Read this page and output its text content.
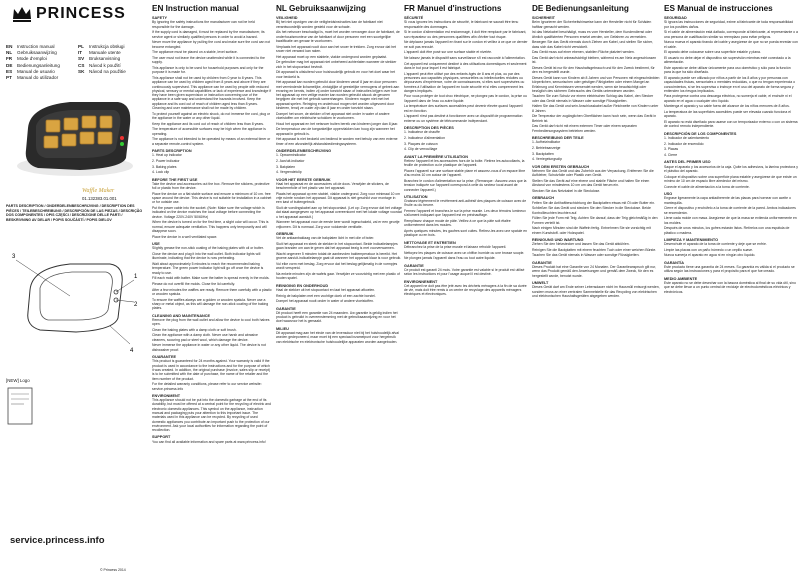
PRINCESS
EN	Instruction manual
NL	Gebruiksaanwijzing
FR	Mode d'emploi
DE	Bedienungsanleitung
ES	Manual de usuario
PT	Manual do utilizador
PL	Instrukcja obsługi
IT	Manuale utente
SV	Bruksanvisning
CS	Návod k použití
SK	Návod na použitie
Waffle Maker
01.132383.01.001
PARTS DESCRIPTION / ONDERDELENBESCHRIJVING / DESCRIPTION DES PIÈCES / TEILEBESCHREIBUNG / DESCRIPCIÓN DE LAS PIEZAS / DESCRIÇÃO DOS COMPONENTES / OPIS CZĘŚCI / DESCRIZIONE DELLE PARTI / BESKRIVNING AV DELAR / POPIS SOUČÁSTÍ / POPIS DIELOV
1
2
3
4
[NEW] Logo
service.princess.info
© Princess 2014
EN Instruction manual
SAFETY

By ignoring the safety instructions the manufacturer can not be held responsible for the damage.

If the supply cord is damaged, it must be replaced by the manufacturer, its service agent or similarly qualified persons in order to avoid a hazard.

Never move the appliance by pulling the cord and make sure the cord can not become entangled.

The appliance must be placed on a stable, level surface.

The user must not leave the device unattended while it is connected to the supply.

This appliance is only to be used for household purposes and only for the purpose it is made for.

This appliance shall not be used by children from 0 year to 8 years. This appliance can be used by children aged from 8 years and above if they are continuously supervised. This appliance can be used by people with reduced physical, sensory or mental capabilities or lack of experience and knowledge if they have been given supervision or instruction concerning use of the appliance in a safe way and understand the hazards involved. Keep the appliance and its cord out of reach of children aged less than 8 years. Cleaning and user maintenance shall not be made by children.

To protect yourself against an electric shock, do not immerse the cord, plug or the appliance in the water or any other liquid.

Keep the appliance and its cord out of reach of children less than 8 years.

The temperature of accessible surfaces may be high when the appliance is operating.

The appliance is not intended to be operated by means of an external timer or a separate remote-control system.

PARTS DESCRIPTION

1. Heat up indicator

2. Power indicator

3. Baking plates

4. Lock clip

BEFORE THE FIRST USE

Take the device and accessories out the box. Remove the stickers, protective foil or plastic from the device.

Place the device on a flat stable surface and ensure a minimum of 10 cm. free space around the device. This device is not suitable for installation in a cabinet or for outside use.

Put the power cable into the socket. (Note: Make sure the voltage which is indicated on the device matches the local voltage before connecting the device. Voltage 220V-240V 50/60Hz)

When the device is turned on for the first time, a slight odor will occur. This is normal, ensure adequate ventilation. This happens only temporarily and will disappear soon.

Place the device in a well ventilated space.

USE

Slightly grease the non-stick coating of the baking plates with oil or butter.

Close the device and plug it into the wall outlet. Both indicator lights will illuminate, indicating that the device is now preheating.

Wait about approximately 5 minutes to reach the recommended baking temperature. The green power indicator light will go off once the device is ready to use.

Fill each mold with batter. Make sure the batter is spread evenly in the molds.

Please do not overfill the molds. Close the lid carefully.

After a few minutes the waffles are ready. Remove them carefully with a plastic or wooden spatula.

To ensure the waffles always are a golden or wooden spatula. Never use a sharp or metal object, as this will damage the non-stick coating of the baking plates.

CLEANING AND MAINTENANCE

Remove the plug from the wall outlet and allow the device to cool both halves open.

Clean the baking plates with a damp cloth or soft brush.

Clean the appliance with a damp cloth. Never use harsh and abrasive cleaners, scouring pad or steel wool, which damage the device.

Never immerse the appliance in water or any other liquid. The device is not dishwasher proof.

GUARANTEE

This product is guaranteed for 24 months against. Your warranty is valid if the product is used in accordance to the instructions and for the purpose of which it was created. In addition, the original purchase (invoice, sales slip or receipt) is to be submitted with the date of purchase, the name of the retailer and the item number of the product.

For the detailed warranty conditions, please refer to our service website: service.princess.info

ENVIRONMENT

This appliance should not be put into the domestic garbage at the end of its durability, but must be offered at a central point for the recycling of electric and electronic domestic appliances. This symbol on the appliance, instruction manual and packaging puts your attention to this important issue. The materials used in this appliance can be recycled. By recycling of used domestic appliances you contribute an important push to the protection of our environment. Ask your local authorities for information regarding the point of recollection.

SUPPORT

You can find all available information and spare parts at www.princess.info!

NL Gebruiksaanwijzing
VEILIGHEID

Bij het niet opvolgen van de veiligheidsinstructies kan de fabrikant niet verantwoordelijk worden gesteld voor de schade.

Als het netsnoer beschadigd is, moet het worden vervangen door de fabrikant, de onderhoudsmonteur van de fabrikant of door personen met een soortgelijke kwalificatie om gevaar te voorkomen.

Verplaats het apparaat nooit door aan het snoer te trekken. Zorg ervoor dat het snoer niet verward kan raken.

Het apparaat moet op een stabiele, vlakke ondergrond worden geplaatst.

De gebruiker mag het apparaat niet onbeheerd achterlaten wanneer de stekker zich in het stopcontact bevindt.

Dit apparaat is uitsluitend voor huishoudelijk gebruik en voor het doel waar het voor bedoeld is.

Het apparaat kan worden gebruikt door kinderen vanaf 8 jaar en door personen met verminderde lichamelijke, zintuiglijke of geestelijke vermogens of gebrek aan ervaring en kennis, indien zij onder toezicht staan of instructies krijgen over hoe het apparaat op een veilige manier kan worden gebruikt alsook de gevaren begrijpen die met het gebruik samenhangen. Kinderen mogen niet met het apparaat spelen. Reiniging en onderhoud mogen niet worden uitgevoerd door kinderen, tenzij ze ouder zijn dan 8 jaar en onder toezicht staan.

Dompel het snoer, de stekker of het apparaat niet onder in water of andere vloeistoffen om elektrische schokken te voorkomen.

Houd het apparaat en het netsnoer buiten bereik van kinderen jonger dan 8 jaar.

De temperatuur van de toegankelijke oppervlakken kan hoog zijn wanneer het apparaat in gebruik is.

Het apparaat is niet bedoeld om bediend te worden met behulp van een externe timer of een afzonderlijk afstandsbedieningssysteem.

ONDERDELENBESCHRIJVING

1. Opwarmindicator

2. Aan/uit-indicator

3. Bakplaten

4. Vergrendelclip

VOOR HET EERSTE GEBRUIK

Haal het apparaat en de accessoires uit de doos. Verwijder de stickers, de beschermfolie of het plastic van het apparaat.

Plaats het apparaat op een stabiel, vlakke ondergrond. Zorg voor minimaal 10 cm vrije ruimte rondom het apparaat. Dit apparaat is niet geschikt voor montage in een kast of buitengebruik.

Sluit de voedingskabel aan op het stopcontact. (Let op: Zorg ervoor dat het voltage dat staat aangegeven op het apparaat overeenkomt met het lokale voltage voordat u het apparaat aansluit.)

Wanneer het apparaat voor de eerste keer wordt ingeschakeld, zal er een geurtje vrijkomen. Dit is normaal. Zorg voor voldoende ventilatie.

GEBRUIK

Vet de antiaanbaklaag van de bakplaten licht in met olie of boter.

Sluit het apparaat en steek de stekker in het stopcontact. Beide indicatielampjes gaan branden om aan te geven dat het apparaat bezig is met voorverwarmen.

Wacht ongeveer 5 minuten totdat de aanbevolen baktemperatuur is bereikt. Het groene aan/uit-indicatielampje gaat uit wanneer het apparaat klaar is voor gebruik.

Vul elke vorm met beslag. Zorg ervoor dat het beslag gelijkmatig in de vormpjes wordt verspreid.

Na enkele minuten zijn de wafels gaar. Verwijder ze voorzichtig met een plastic of houten spatel.

REINIGING EN ONDERHOUD

Haal de stekker uit het stopcontact en laat het apparaat afkoelen.

Reinig de bakplaten met een vochtige doek of een zachte borstel.

Dompel het apparaat nooit onder in water of andere vloeistoffen.

GARANTIE

Dit product heeft een garantie van 24 maanden. Uw garantie is geldig indien het product is gebruikt in overeenstemming met de gebruiksaanwijzing en voor het doel waarvoor het is gemaakt.

MILIEU

Dit apparaat mag aan het einde van de levensduur niet bij het huishoudelijk afval worden gedeponeerd, maar moet bij een speciaal inzamelpunt voor hergebruik van elektrische en elektronische huishoudelijke apparaten worden aangeboden.

FR Manuel d'instructions
SÉCURITÉ

Si vous ignorez les instructions de sécurité, le fabricant ne saurait être tenu responsable des dommages.

Si le cordon d'alimentation est endommagé, il doit être remplacé par le fabricant, son réparateur ou des personnes qualifiées afin d'éviter tout risque.

Ne déplacez jamais l'appareil en tirant sur le cordon et veillez à ce que ce dernier ne soit pas enroulé.

L'appareil doit être posé sur une surface stable et nivelée.

Ne laissez jamais le dispositif sans surveillance s'il est raccordé à l'alimentation.

Cet appareil est uniquement destiné à des utilisations domestiques et seulement dans le but pour lequel il est fabriqué.

L'appareil peut être utilisé par des enfants âgés de 8 ans et plus, ou par des personnes aux capacités physiques, sensorielles ou intellectuelles réduites ou dépourvues d'expérience, votre de connaissances, si elles sont supervisées ou formées à l'utilisation de l'appareil en toute sécurité et si elles comprennent les dangers impliqués.

Pour vous protéger de tout choc électrique, ne plongez pas le cordon, la prise ou l'appareil dans de l'eau ou autre liquide.

La température des surfaces accessibles peut devenir élevée quand l'appareil est en fonction.

L'appareil n'est pas destiné à fonctionner avec un dispositif de programmation externe ou un système de télécommande indépendant.

DESCRIPTION DES PIÈCES

1. Indicateur de chauffe

2. Indicateur d'alimentation

3. Plaques de cuisson

4. Clip de verrouillage

AVANT LA PREMIÈRE UTILISATION

Retirez l'appareil et les accessoires hors de la boîte. Retirez les autocollants, la feuille de protection ou le plastique de l'appareil.

Placez l'appareil sur une surface stable plane et assurez-vous d'un espace libre d'au moins 10 cm autour de l'appareil.

Branchez le cordon d'alimentation sur la prise. (Remarque : Assurez-vous que la tension indiquée sur l'appareil correspond à celle du secteur local avant de connecter l'appareil.)

UTILISATION

Graissez légèrement le revêtement anti-adhésif des plaques de cuisson avec de l'huile ou du beurre.

Fermez l'appareil et branchez-le sur la prise murale. Les deux témoins lumineux s'allument indiquant que l'appareil est en préchauffage.

Remplissez chaque moule de pâte. Veillez à ce que la pâte soit étalée uniformément dans les moules.

Après quelques minutes, les gaufres sont cuites. Retirez-les avec une spatule en plastique ou en bois.

NETTOYAGE ET ENTRETIEN

Débranchez la prise de la prise murale et laissez refroidir l'appareil.

Nettoyez les plaques de cuisson avec un chiffon humide ou une brosse souple.

Ne plongez jamais l'appareil dans l'eau ou tout autre liquide.

GARANTIE

Ce produit est garanti 24 mois. Votre garantie est valable si le produit est utilisé selon les instructions et pour l'usage auquel il est destiné.

ENVIRONNEMENT

Cet appareil ne doit pas être jeté avec les déchets ménagers à la fin de sa durée de vie, mais doit être remis à un centre de recyclage des appareils ménagers électriques et électroniques.

DE Bedienungsanleitung
SICHERHEIT

Beim Ignorieren der Sicherheitshinweise kann der Hersteller nicht für Schäden haftbar gemacht werden.

Ist das Netzkabel beschädigt, muss es vom Hersteller, dem Kundendienst oder ähnlich qualifizierten Personen ersetzt werden, um Gefahren zu vermeiden.

Bewegen Sie das Gerät niemals durch Ziehen am Kabel, und stellen Sie sicher, dass sich das Kabel nicht verwickelt.

Das Gerät muss auf einer ebenen, stabilen Fläche platziert werden.

Das Gerät darf nicht unbeaufsichtigt bleiben, während es am Netz angeschlossen ist.

Dieses Gerät ist nur für den Haushaltsgebrauch und für den Zweck bestimmt, für den es hergestellt wurde.

Dieses Gerät kann von Kindern ab 8 Jahren und von Personen mit eingeschränkten körperlichen, sensorischen oder geistigen Fähigkeiten oder einem Mangel an Erfahrung und Kenntnissen verwendet werden, wenn sie beaufsichtigt oder bezüglich des sicheren Gebrauchs des Geräts unterwiesen wurden.

Tauchen Sie zum Schutz vor einem elektrischen Schlag das Kabel, den Stecker oder das Gerät niemals in Wasser oder sonstige Flüssigkeiten.

Halten Sie das Gerät und sein Anschlusskabel außer Reichweite von Kindern unter 8 Jahren.

Die Temperatur der zugänglichen Oberflächen kann hoch sein, wenn das Gerät in Betrieb ist.

Das Gerät darf nicht mit einem externen Timer oder einem separaten Fernbedienungssystem betrieben werden.

BESCHREIBUNG DER TEILE

1. Aufheizindikator

2. Betriebsanzeige

3. Backplatten

4. Verriegelungsclip

VOR DEM ERSTEN GEBRAUCH

Nehmen Sie das Gerät und das Zubehör aus der Verpackung. Entfernen Sie die Aufkleber, Schutzfolie oder Plastik vom Gerät.

Stellen Sie das Gerät auf eine ebene und stabile Fläche und halten Sie einen Abstand von mindestens 10 cm um das Gerät herum ein.

Stecken Sie das Netzkabel in die Steckdose.

GEBRAUCH

Fetten Sie die Antihaftbeschichtung der Backplatten etwas mit Öl oder Butter ein.

Schließen Sie das Gerät und stecken Sie den Stecker in die Steckdose. Beide Kontrollleuchten leuchten auf.

Füllen Sie jede Form mit Teig. Achten Sie darauf, dass der Teig gleichmäßig in den Formen verteilt ist.

Nach einigen Minuten sind die Waffeln fertig. Entnehmen Sie sie vorsichtig mit einem Kunststoff- oder Holzspatel.

REINIGUNG UND WARTUNG

Ziehen Sie den Netzstecker und lassen Sie das Gerät abkühlen.

Reinigen Sie die Backplatten mit einem feuchten Tuch oder einer weichen Bürste.

Tauchen Sie das Gerät niemals in Wasser oder sonstige Flüssigkeiten.

GARANTIE

Dieses Produkt hat eine Garantie von 24 Monaten. Der Garantieanspruch gilt nur, wenn das Produkt gemäß den Anweisungen und gemäß dem Zweck, für den es hergestellt wurde, benutzt wurde.

UMWELT

Dieses Gerät darf am Ende seiner Lebensdauer nicht im Hausmüll entsorgt werden, sondern muss an einer zentralen Sammelstelle für das Recycling von elektrischen und elektronischen Haushaltsgeräten abgegeben werden.

ES Manual de instrucciones
SEGURIDAD

Si ignora las instrucciones de seguridad, exime al fabricante de toda responsabilidad por los posibles daños.

Si el cable de alimentación está dañado, corresponde al fabricante, al representante o a una persona de cualificación similar su reemplazo para evitar peligros.

Nunca mueva el aparato tirando del cable y asegúrese de que no se pueda enredar con el cable.

El aparato debe colocarse sobre una superficie estable y plana.

El usuario no debe dejar el dispositivo sin supervisión mientras esté conectado a la alimentación.

Este aparato se debe utilizar únicamente para uso doméstico y sólo para la función para la que ha sido diseñado.

El aparato puede ser utilizado por niños a partir de los 8 años y por personas con capacidades físicas, sensoriales o mentales reducidas, o que no tengan experiencia o conocimientos, si se les supervisa o instruye en el uso del aparato de forma segura y entienden los riesgos implicados.

Para protegerse contra una descarga eléctrica, no sumerja el cable, el enchufe ni el aparato en el agua o cualquier otro líquido.

Mantenga el aparato y su cable fuera del alcance de los niños menores de 8 años.

La temperatura de las superficies accesibles puede ser elevada cuando funciona el aparato.

El aparato no está diseñado para usarse con un temporizador externo o con un sistema de control remoto independiente.

DESCRIPCIÓN DE LOS COMPONENTES

1. Indicador de calentamiento

2. Indicador de encendido

3. Placas

4. Cierre

ANTES DEL PRIMER USO

Saque el aparato y los accesorios de la caja. Quite los adhesivos, la lámina protectora y el plástico del aparato.

Coloque el dispositivo sobre una superficie plana estable y asegúrese de que existe un mínimo de 10 cm de espacio libre alrededor del mismo.

Conecte el cable de alimentación a la toma de corriente.

USO

Engrase ligeramente la capa antiadherente de las placas para hornear con aceite o mantequilla.

Cierre el dispositivo y enchúfelo a la toma de corriente de la pared. Ambos indicadores se encenderán.

Llene cada molde con masa. Asegúrese de que la masa se extienda uniformemente en los moldes.

Después de unos minutos, los gofres estarán listos. Retírelos con una espátula de plástico o madera.

LIMPIEZA Y MANTENIMIENTO

Desenchufe el aparato de la toma de corriente y deje que se enfríe.

Limpie las placas con un paño húmedo o un cepillo suave.

Nunca sumerja el aparato en agua ni en ningún otro líquido.

GARANTÍA

Este producto tiene una garantía de 24 meses. Su garantía es válida si el producto se utiliza según las instrucciones y para el propósito para el que fue creado.

MEDIO AMBIENTE

Este aparato no se debe desechar con la basura doméstica al final de su vida útil, sino que se debe llevar a un punto central de reciclaje de electrodomésticos eléctricos y electrónicos.
